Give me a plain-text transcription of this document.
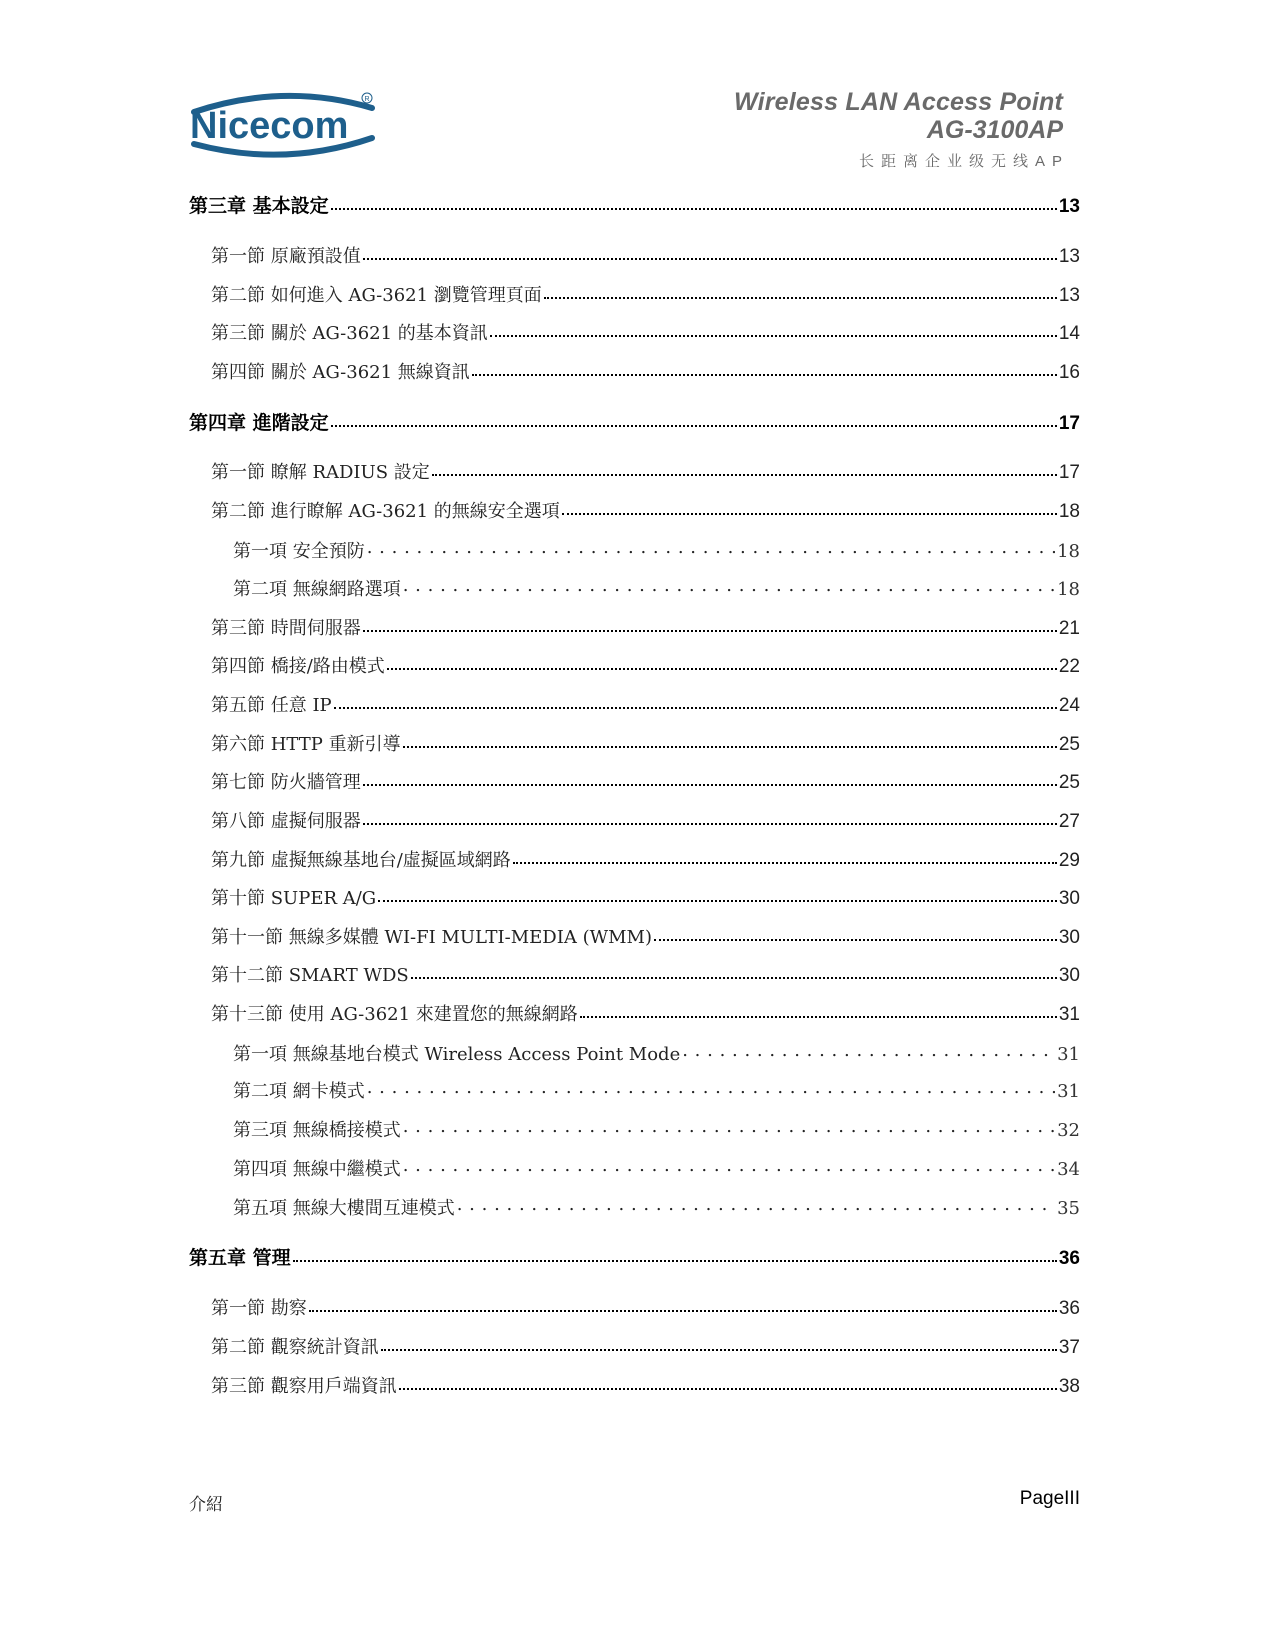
Nicecom
R	Wireless LAN Access Point
AG-3100AP
长距离企业级无线AP
第三章 基本設定	13
第一節 原廠預設值	13
第二節 如何進入 AG-3621 瀏覽管理頁面	13
第三節 關於 AG-3621 的基本資訊	14
第四節 關於 AG-3621 無線資訊	16
第四章 進階設定	17
第一節 瞭解 RADIUS 設定	17
第二節 進行瞭解 AG-3621 的無線安全選項	18
第一項 安全預防 . . .	18
第二項 無線網路選項 . . .	18
第三節 時間伺服器	21
第四節 橋接/路由模式	22
第五節 任意 IP	24
第六節 HTTP 重新引導	25
第七節 防火牆管理	25
第八節 虛擬伺服器	27
第九節 虛擬無線基地台/虛擬區域網路	29
第十節 SUPER A/G	30
第十一節 無線多媒體 WI-FI MULTI-MEDIA (WMM)	30
第十二節 SMART WDS	30
第十三節 使用 AG-3621 來建置您的無線網路	31
第一項 無線基地台模式 Wireless Access Point Mode . . .	31
第二項 網卡模式 . . .	31
第三項 無線橋接模式 . . .	32
第四項 無線中繼模式 . . .	34
第五項 無線大樓間互連模式 . . .	35
第五章 管理	36
第一節 勘察	36
第二節 觀察統計資訊	37
第三節 觀察用戶端資訊	38
介紹	PageIII
